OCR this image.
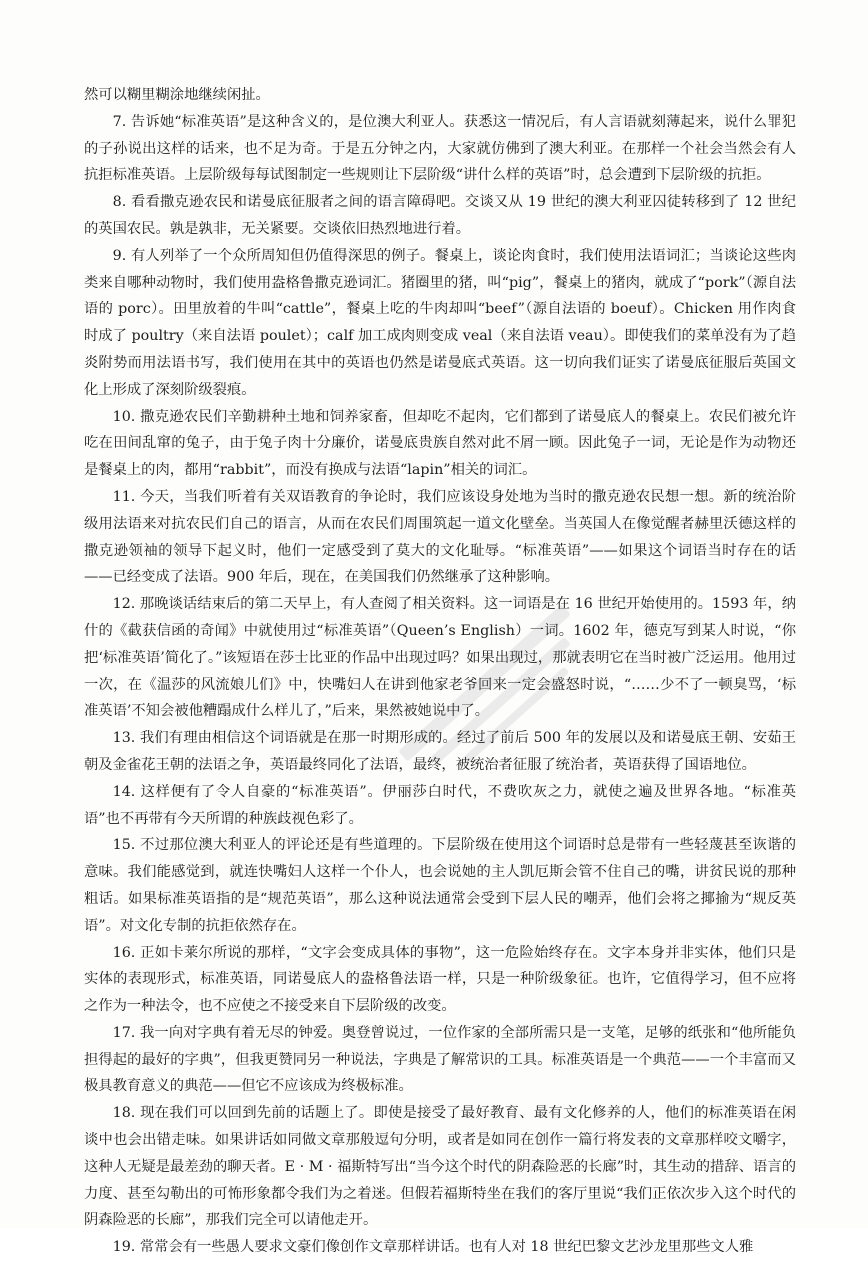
然可以糊里糊涂地继续闲扯。

7. 告诉她“标准英语”是这种含义的，是位澳大利亚人。获悉这一情况后，有人言语就刻薄起来，说什么罪犯的子孙说出这样的话来，也不足为奇。于是五分钟之内，大家就仿佛到了澳大利亚。在那样一个社会当然会有人抗拒标准英语。上层阶级每每试图制定一些规则让下层阶级“讲什么样的英语”时，总会遭到下层阶级的抗拒。

8. 看看撒克逊农民和诺曼底征服者之间的语言障碍吧。交谈又从 19 世纪的澳大利亚囚徒转移到了 12 世纪的英国农民。孰是孰非，无关紧要。交谈依旧热烈地进行着。

9. 有人列举了一个众所周知但仍值得深思的例子。餐桌上，谈论肉食时，我们使用法语词汇；当谈论这些肉类来自哪种动物时，我们使用盎格鲁撒克逊词汇。猪圈里的猪，叫“pig”，餐桌上的猪肉，就成了“pork”（源自法语的 porc）。田里放着的牛叫“cattle”，餐桌上吃的牛肉却叫“beef”（源自法语的 boeuf）。Chicken 用作肉食时成了 poultry（来自法语 poulet）；calf 加工成肉则变成 veal（来自法语 veau）。即使我们的菜单没有为了趋炎附势而用法语书写，我们使用在其中的英语也仍然是诺曼底式英语。这一切向我们证实了诺曼底征服后英国文化上形成了深刻阶级裂痕。

10. 撒克逊农民们辛勤耕种土地和饲养家畜，但却吃不起肉，它们都到了诺曼底人的餐桌上。农民们被允许吃在田间乱窜的兔子，由于兔子肉十分廉价，诺曼底贵族自然对此不屑一顾。因此兔子一词，无论是作为动物还是餐桌上的肉，都用“rabbit”，而没有换成与法语“lapin”相关的词汇。

11. 今天，当我们听着有关双语教育的争论时，我们应该设身处地为当时的撒克逊农民想一想。新的统治阶级用法语来对抗农民们自己的语言，从而在农民们周围筑起一道文化壁垒。当英国人在像觉醒者赫里沃德这样的撒克逊领袖的领导下起义时，他们一定感受到了莫大的文化耻辱。“标准英语”——如果这个词语当时存在的话——已经变成了法语。900 年后，现在，在美国我们仍然继承了这种影响。

12. 那晚谈话结束后的第二天早上，有人查阅了相关资料。这一词语是在 16 世纪开始使用的。1593 年，纳什的《截获信函的奇闻》中就使用过“标准英语”（Queen’s English）一词。1602 年，德克写到某人时说，“你把‘标准英语’简化了。”该短语在莎士比亚的作品中出现过吗？如果出现过，那就表明它在当时被广泛运用。他用过一次，在《温莎的风流娘儿们》中，快嘴妇人在讲到他家老爷回来一定会盛怒时说，“……少不了一顿臭骂，‘标准英语’不知会被他糟蹋成什么样儿了，”后来，果然被她说中了。

13. 我们有理由相信这个词语就是在那一时期形成的。经过了前后 500 年的发展以及和诺曼底王朝、安茹王朝及金雀花王朝的法语之争，英语最终同化了法语，最终，被统治者征服了统治者，英语获得了国语地位。

14. 这样便有了令人自豪的“标准英语”。伊丽莎白时代，不费吹灰之力，就使之遍及世界各地。“标准英语”也不再带有今天所谓的种族歧视色彩了。

15. 不过那位澳大利亚人的评论还是有些道理的。下层阶级在使用这个词语时总是带有一些轻蔑甚至诙谐的意味。我们能感觉到，就连快嘴妇人这样一个仆人，也会说她的主人凯厄斯会管不住自己的嘴，讲贫民说的那种粗话。如果标准英语指的是“规范英语”，那么这种说法通常会受到下层人民的嘲弄，他们会将之揶揄为“规反英语”。对文化专制的抗拒依然存在。

16. 正如卡莱尔所说的那样，“文字会变成具体的事物”，这一危险始终存在。文字本身并非实体，他们只是实体的表现形式，标准英语，同诺曼底人的盎格鲁法语一样，只是一种阶级象征。也许，它值得学习，但不应将之作为一种法令，也不应使之不接受来自下层阶级的改变。

17. 我一向对字典有着无尽的钟爱。奥登曾说过，一位作家的全部所需只是一支笔，足够的纸张和“他所能负担得起的最好的字典”，但我更赞同另一种说法，字典是了解常识的工具。标准英语是一个典范——一个丰富而又极具教育意义的典范——但它不应该成为终极标准。

18. 现在我们可以回到先前的话题上了。即使是接受了最好教育、最有文化修养的人，他们的标准英语在闲谈中也会出错走味。如果讲话如同做文章那般逗句分明，或者是如同在创作一篇行将发表的文章那样咬文嚼字，这种人无疑是最差劲的聊天者。E · M · 福斯特写出“当今这个时代的阴森险恶的长廊”时，其生动的措辞、语言的力度、甚至勾勒出的可怖形象都令我们为之着迷。但假若福斯特坐在我们的客厅里说“我们正依次步入这个时代的阴森险恶的长廊”，那我们完全可以请他走开。

19. 常常会有一些愚人要求文豪们像创作文章那样讲话。也有人对 18 世纪巴黎文艺沙龙里那些文人雅
